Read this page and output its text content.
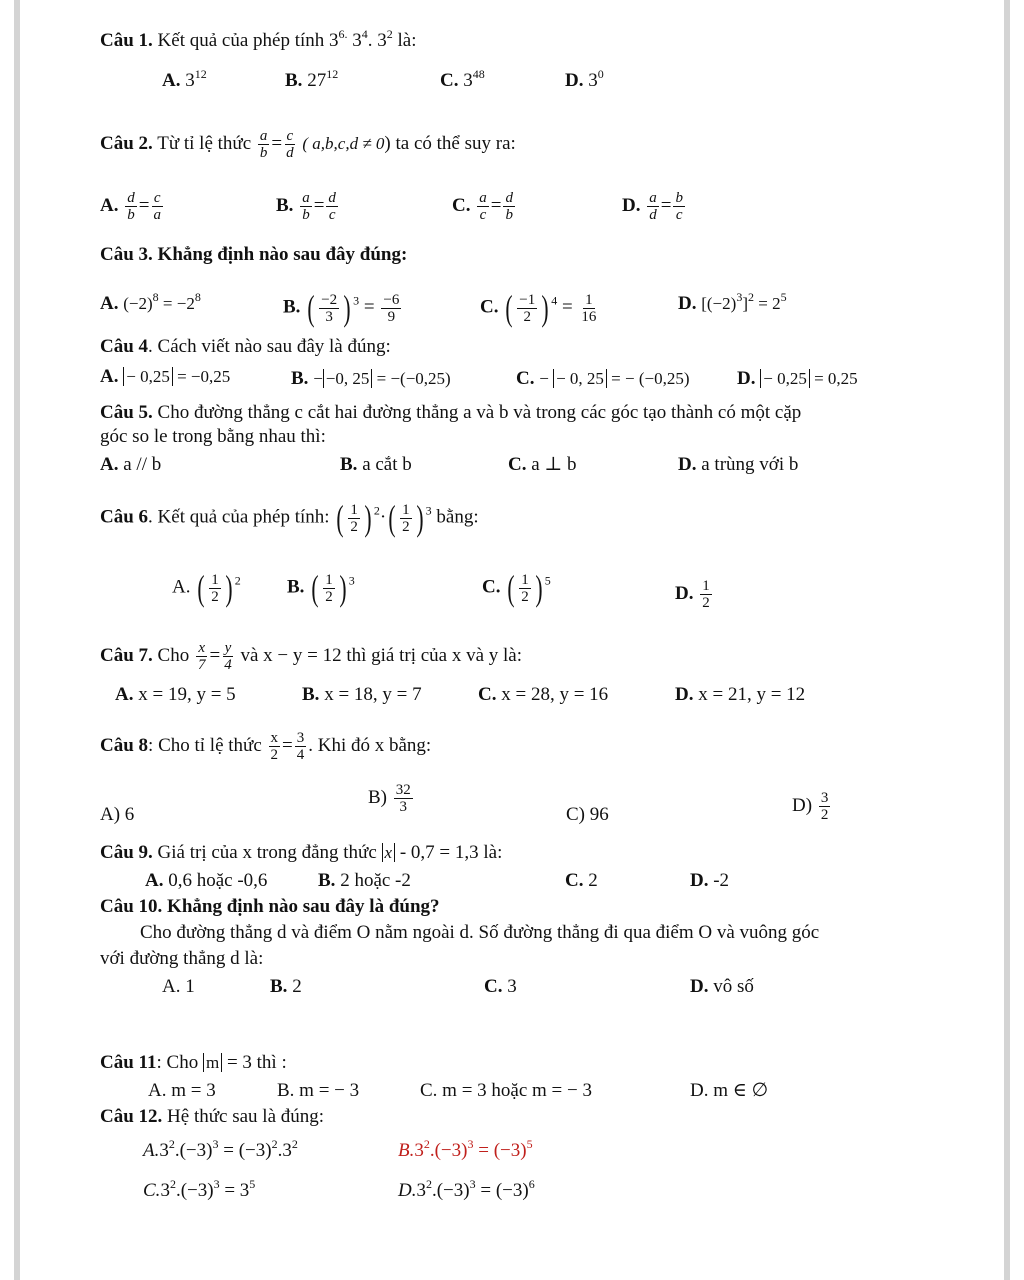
Câu 1. Kết quả của phép tính $3^{6.}$ $3^4$. $3^2$ là:
A. $3^{12}$	B. $27^{12}$	C. $3^{48}$	D. $3^0$
Câu 2. Từ tỉ lệ thức $\frac{a}{b} = \frac{c}{d}$ ( a,b,c,d ≠ 0) ta có thể suy ra:
A. $\frac{d}{b} = \frac{c}{a}$	B. $\frac{a}{b} = \frac{d}{c}$	C. $\frac{a}{c} = \frac{d}{b}$	D. $\frac{a}{d} = \frac{b}{c}$
Câu 3. Khẳng định nào sau đây đúng:
A. $(-2)^8 = -2^8$	B. ( $\frac{-2}{3}$ ) $^3 = \frac{-6}{9}$	C. ( $\frac{-1}{2}$ ) $^4 = \frac{1}{16}$	D. $[(-2)^3]^2 = 2^5$
Câu 4. Cách viết nào sau đây là đúng:
A. − 0,25 = −0,25	B. − −0, 25 = −(−0,25)	C. − − 0, 25 = − (−0,25) D. − 0,25 = 0,25
Câu 5. Cho đường thẳng c cắt hai đường thẳng a và b và trong các góc tạo thành có một cặp
góc so le trong bằng nhau thì:
A. a // b	B. a cắt b	C. a ⊥ b	D. a trùng với b
Câu 6. Kết quả của phép tính: ( $\frac{1}{2}$ ) $^2$· ( $\frac{1}{2}$ ) $^3$ bằng:
A. ( $\frac{1}{2}$ ) $^2$ B. ( $\frac{1}{2}$ ) $^3$	C. ( $\frac{1}{2}$ ) $^5$
D. $\frac{1}{2}$
Câu 7. Cho $\frac{x}{7} = \frac{y}{4}$ và x − y = 12 thì giá trị của x và y là:
A. x = 19, y = 5	B. x = 18, y = 7	C. x = 28, y = 16	D. x = 21, y = 12
Câu 8: Cho tỉ lệ thức $\frac{x}{2} = \frac{3}{4}$ . Khi đó x bằng:
A) 6
$B) \frac{32}{3}$	C) 96	$D) \frac{3}{2}$
Câu 9. Giá trị của x trong đẳng thức x - 0,7 = 1,3 là:
A. 0,6 hoặc -0,6	B. 2 hoặc -2	C. 2	D. -2
Câu 10. Khẳng định nào sau đây là đúng?
Cho đường thẳng d và điểm O nằm ngoài d. Số đường thẳng đi qua điểm O và vuông góc
với đường thẳng d là:
A. 1	B. 2	C. 3	D. vô số
Câu 11: Cho m = 3 thì :
A. m = 3	B. m = − 3	C. m = 3 hoặc m = − 3	D. m ∈ ∅
Câu 12. Hệ thức sau là đúng:
$A.3^2.(-3)^3 = (-3)^2.3^2$	$B.3^2.(-3)^3 = (-3)^5$
$C.3^2.(-3)^3 = 3^5$	$D.3^2.(-3)^3 = (-3)^6$
